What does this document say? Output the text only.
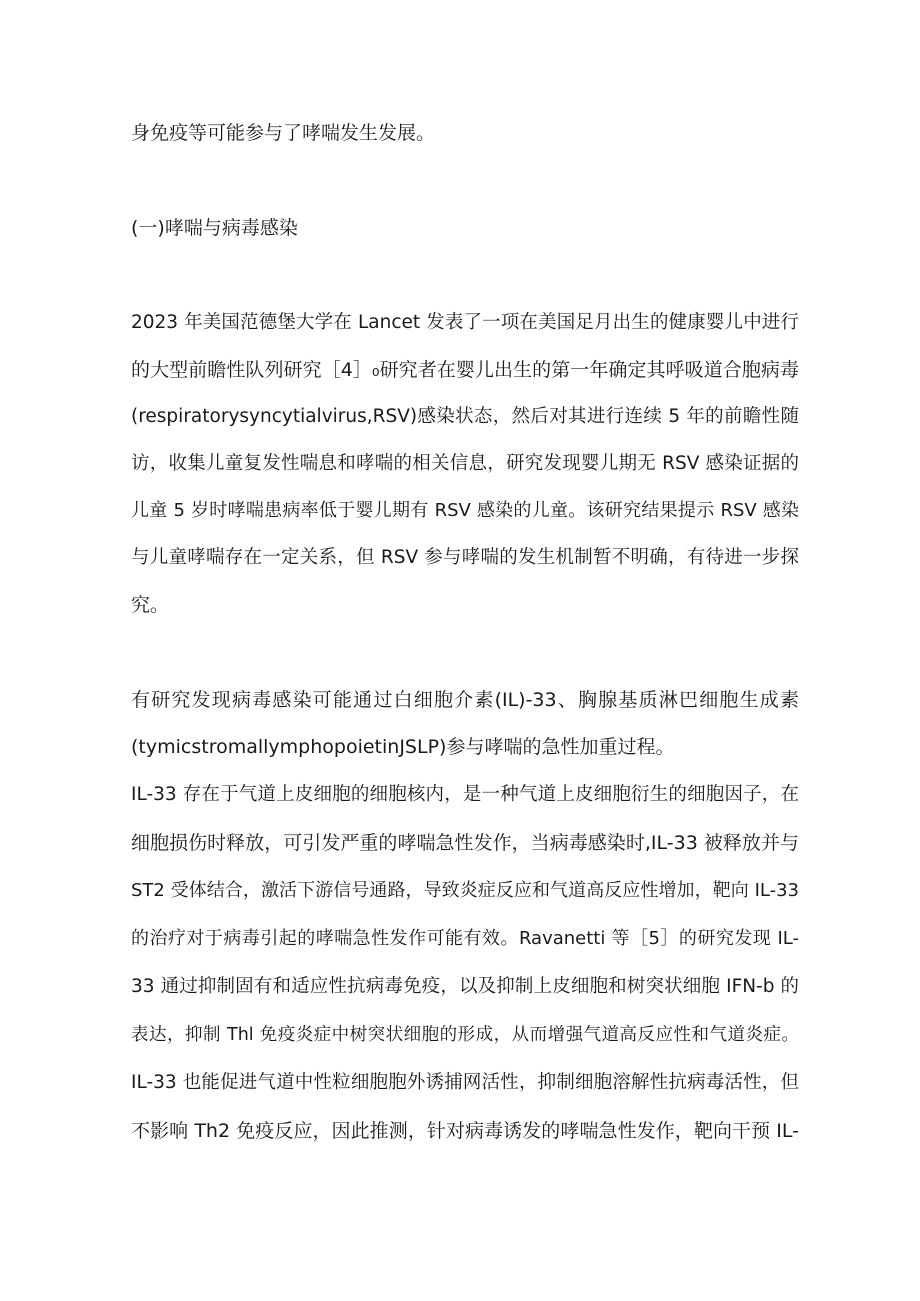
身免疫等可能参与了哮喘发生发展。
(一)哮喘与病毒感染
2023 年美国范德堡大学在 Lancet 发表了一项在美国足月出生的健康婴儿中进行
的大型前瞻性队列研究［4］₀研究者在婴儿出生的第一年确定其呼吸道合胞病毒
(respiratorysyncytialvirus,RSV)感染状态，然后对其进行连续 5 年的前瞻性随
访，收集儿童复发性喘息和哮喘的相关信息，研究发现婴儿期无 RSV 感染证据的
儿童 5 岁时哮喘患病率低于婴儿期有 RSV 感染的儿童。该研究结果提示 RSV 感染
与儿童哮喘存在一定关系，但 RSV 参与哮喘的发生机制暂不明确，有待进一步探
究。
有研究发现病毒感染可能通过白细胞介素(IL)-33、胸腺基质淋巴细胞生成素
(tymicstromallymphopoietinJSLP)参与哮喘的急性加重过程。
IL-33 存在于气道上皮细胞的细胞核内，是一种气道上皮细胞衍生的细胞因子，在
细胞损伤时释放，可引发严重的哮喘急性发作，当病毒感染时,IL-33 被释放并与
ST2 受体结合，激活下游信号通路，导致炎症反应和气道高反应性增加，靶向 IL-33
的治疗对于病毒引起的哮喘急性发作可能有效。Ravanetti 等［5］的研究发现 IL-
33 通过抑制固有和适应性抗病毒免疫，以及抑制上皮细胞和树突状细胞 IFN-b 的
表达，抑制 Thl 免疫炎症中树突状细胞的形成，从而增强气道高反应性和气道炎症。
IL-33 也能促进气道中性粒细胞胞外诱捕网活性，抑制细胞溶解性抗病毒活性，但
不影响 Th2 免疫反应，因此推测，针对病毒诱发的哮喘急性发作，靶向干预 IL-
